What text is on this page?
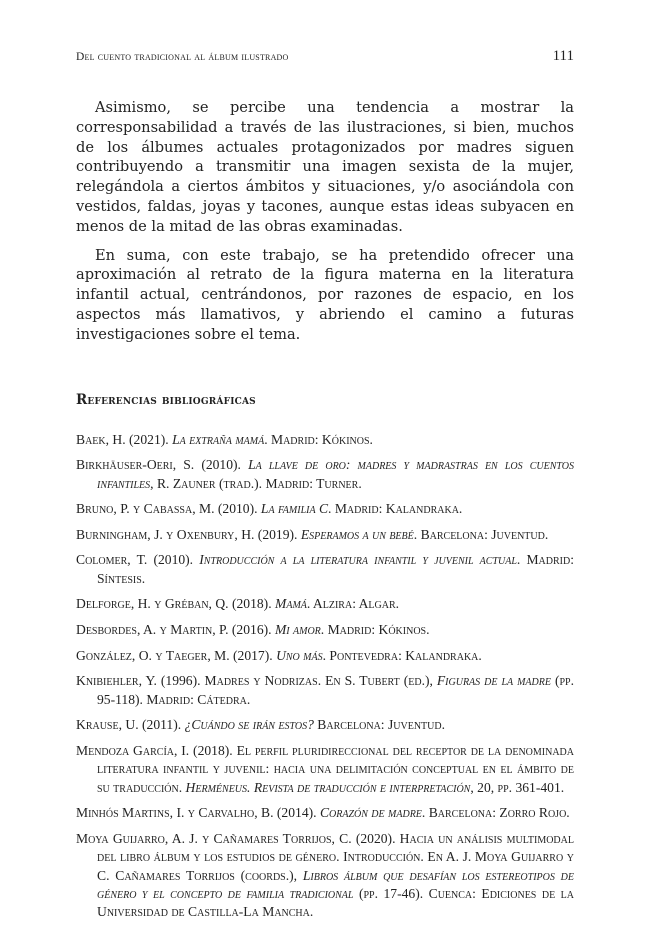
Del cuento tradicional al álbum ilustrado	111

Asimismo, se percibe una tendencia a mostrar la corresponsabilidad a través de las ilustraciones, si bien, muchos de los álbumes actuales protagonizados por madres siguen contribuyendo a transmitir una imagen sexista de la mujer, relegándola a ciertos ámbitos y situaciones, y/o asociándola con vestidos, faldas, joyas y tacones, aunque estas ideas subyacen en menos de la mitad de las obras examinadas.

En suma, con este trabajo, se ha pretendido ofrecer una aproximación al retrato de la figura materna en la literatura infantil actual, centrándonos, por razones de espacio, en los aspectos más llamativos, y abriendo el camino a futuras investigaciones sobre el tema.

Referencias bibliográficas

Baek, H. (2021). La extraña mamá. Madrid: Kókinos.

Birkhäuser-Oeri, S. (2010). La llave de oro: madres y madrastras en los cuentos infantiles, R. Zauner (trad.). Madrid: Turner.

Bruno, P. y Cabassa, M. (2010). La familia C. Madrid: Kalandraka.

Burningham, J. y Oxenbury, H. (2019). Esperamos a un bebé. Barcelona: Juventud.

Colomer, T. (2010). Introducción a la literatura infantil y juvenil actual. Madrid: Síntesis.

Delforge, H. y Gréban, Q. (2018). Mamá. Alzira: Algar.

Desbordes, A. y Martin, P. (2016). Mi amor. Madrid: Kókinos.

González, O. y Taeger, M. (2017). Uno más. Pontevedra: Kalandraka.

Knibiehler, Y. (1996). Madres y Nodrizas. En S. Tubert (ed.), Figuras de la madre (pp. 95-118). Madrid: Cátedra.

Krause, U. (2011). ¿Cuándo se irán estos? Barcelona: Juventud.

Mendoza García, I. (2018). El perfil pluridireccional del receptor de la denominada literatura infantil y juvenil: hacia una delimitación conceptual en el ámbito de su traducción. Herméneus. Revista de traducción e interpretación, 20, pp. 361-401.

Minhós Martins, I. y Carvalho, B. (2014). Corazón de madre. Barcelona: Zorro Rojo.

Moya Guijarro, A. J. y Cañamares Torrijos, C. (2020). Hacia un análisis multimodal del libro álbum y los estudios de género. Introducción. En A. J. Moya Guijarro y C. Cañamares Torrijos (coords.), Libros álbum que desafían los estereotipos de género y el concepto de familia tradicional (pp. 17-46). Cuenca: Ediciones de la Universidad de Castilla-La Mancha.
